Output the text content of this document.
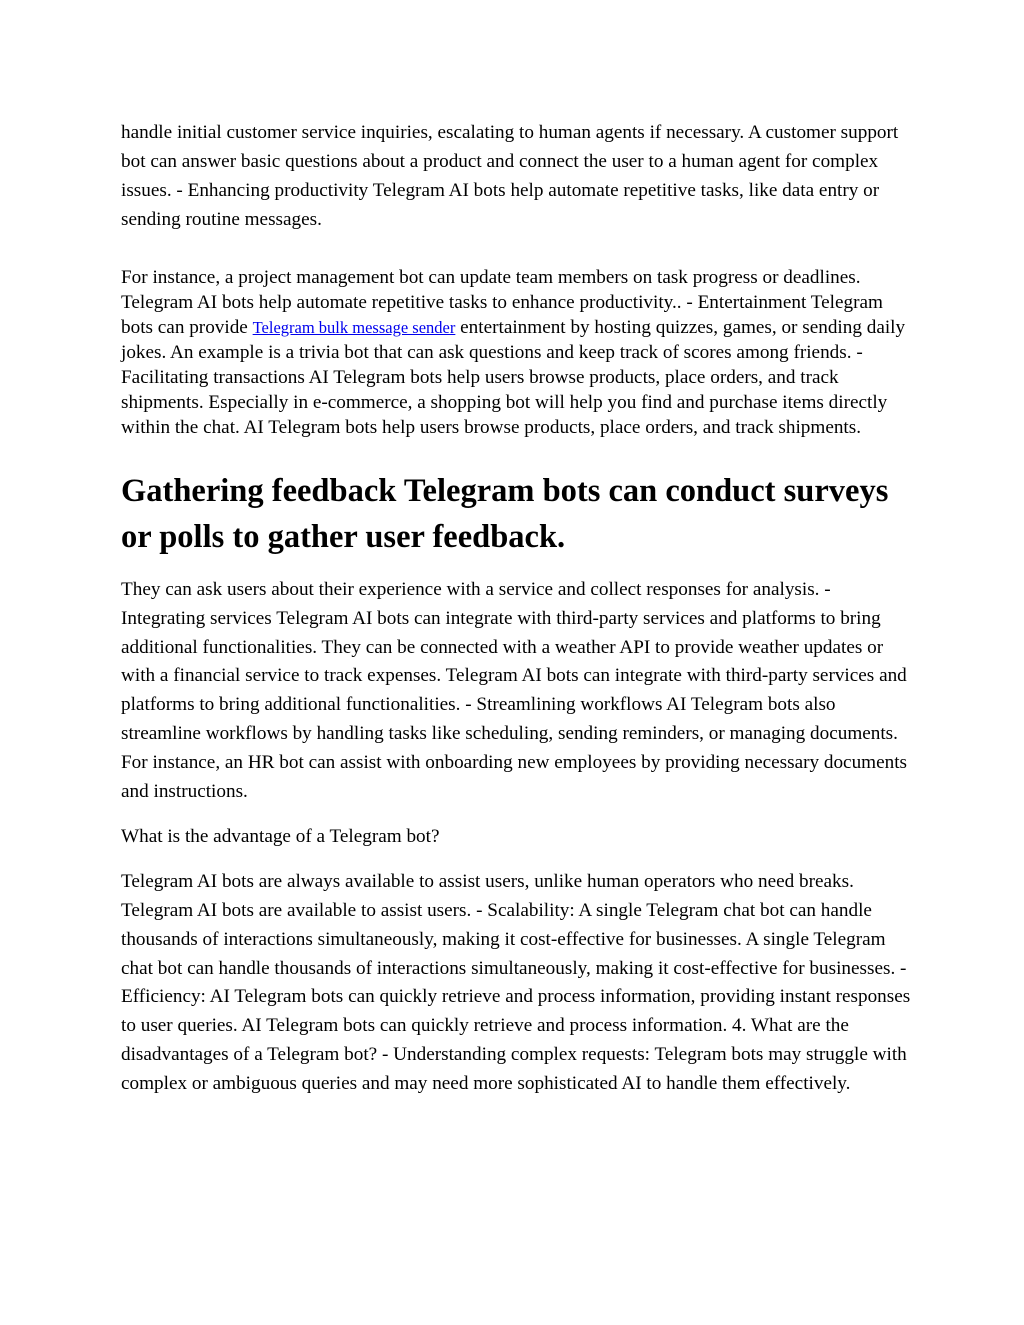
handle initial customer service inquiries, escalating to human agents if necessary. A customer support bot can answer basic questions about a product and connect the user to a human agent for complex issues. - Enhancing productivity Telegram AI bots help automate repetitive tasks, like data entry or sending routine messages.

For instance, a project management bot can update team members on task progress or deadlines. Telegram AI bots help automate repetitive tasks to enhance productivity.. - Entertainment Telegram bots can provide Telegram bulk message sender entertainment by hosting quizzes, games, or sending daily jokes. An example is a trivia bot that can ask questions and keep track of scores among friends. - Facilitating transactions AI Telegram bots help users browse products, place orders, and track shipments. Especially in e-commerce, a shopping bot will help you find and purchase items directly within the chat. AI Telegram bots help users browse products, place orders, and track shipments.

Gathering feedback Telegram bots can conduct surveys or polls to gather user feedback.

They can ask users about their experience with a service and collect responses for analysis. - Integrating services Telegram AI bots can integrate with third-party services and platforms to bring additional functionalities. They can be connected with a weather API to provide weather updates or with a financial service to track expenses. Telegram AI bots can integrate with third-party services and platforms to bring additional functionalities. - Streamlining workflows AI Telegram bots also streamline workflows by handling tasks like scheduling, sending reminders, or managing documents. For instance, an HR bot can assist with onboarding new employees by providing necessary documents and instructions.

What is the advantage of a Telegram bot?

Telegram AI bots are always available to assist users, unlike human operators who need breaks. Telegram AI bots are available to assist users. - Scalability: A single Telegram chat bot can handle thousands of interactions simultaneously, making it cost-effective for businesses. A single Telegram chat bot can handle thousands of interactions simultaneously, making it cost-effective for businesses. - Efficiency: AI Telegram bots can quickly retrieve and process information, providing instant responses to user queries. AI Telegram bots can quickly retrieve and process information. 4. What are the disadvantages of a Telegram bot? - Understanding complex requests: Telegram bots may struggle with complex or ambiguous queries and may need more sophisticated AI to handle them effectively.
